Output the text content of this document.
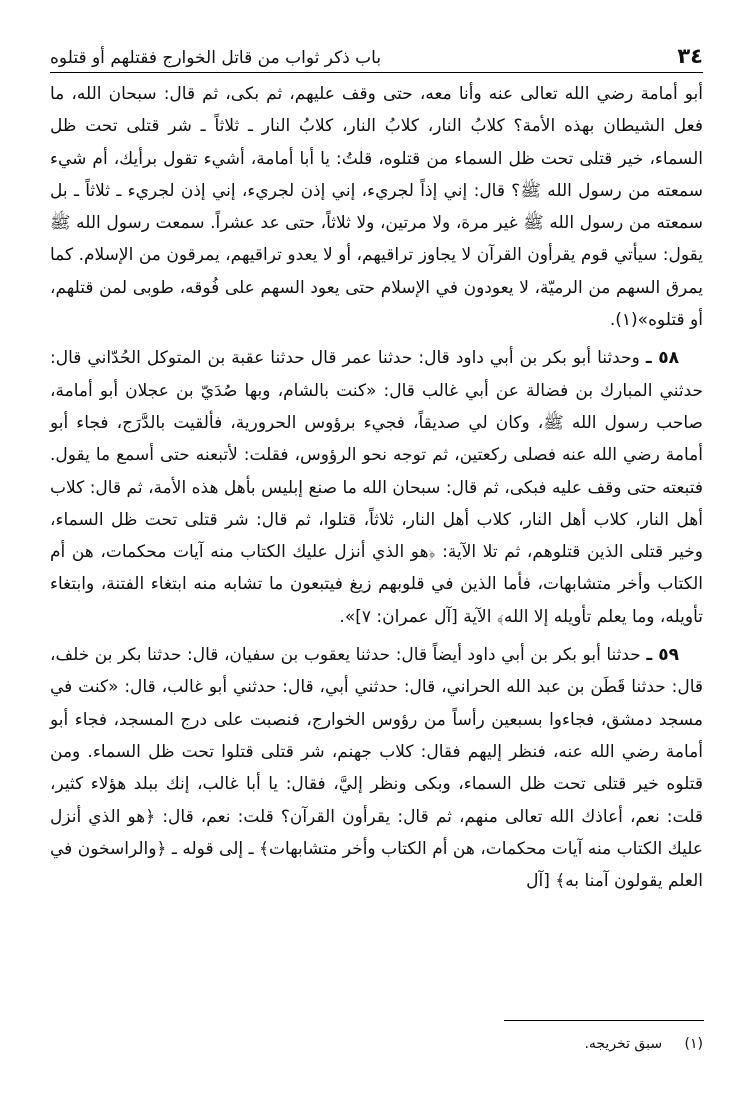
٣٤
باب ذكر ثواب من قاتل الخوارج فقتلهم أو قتلوه

أبو أمامة رضي الله تعالى عنه وأنا معه، حتى وقف عليهم، ثم بكى، ثم قال: سبحان الله، ما فعل الشيطان بهذه الأمة؟ كلابُ النار، كلابُ النار، كلابُ النار ـ ثلاثاً ـ شر قتلى تحت ظل السماء، خير قتلى تحت ظل السماء من قتلوه، قلتُ: يا أبا أمامة، أشيء تقول برأيك، أم شيء سمعته من رسول الله ﷺ؟ قال: إني إذاً لجريء، إني إذن لجريء، إني إذن لجريء ـ ثلاثاً ـ بل سمعته من رسول الله ﷺ غير مرة، ولا مرتين، ولا ثلاثاً، حتى عد عشراً. سمعت رسول الله ﷺ يقول: سيأتي قوم يقرأون القرآن لا يجاوز تراقيهم، أو لا يعدو تراقيهم، يمرقون من الإسلام. كما يمرق السهم من الرميّة، لا يعودون في الإسلام حتى يعود السهم على فُوقه، طوبى لمن قتلهم، أو قتلوه»(١).

٥٨ ـ وحدثنا أبو بكر بن أبي داود قال: حدثنا عمر قال حدثنا عقبة بن المتوكل الحُدّاني قال: حدثني المبارك بن فضالة عن أبي غالب قال: «كنت بالشام، وبها صُدَيّ بن عجلان أبو أمامة، صاحب رسول الله ﷺ، وكان لي صديقاً، فجيء برؤوس الحرورية، فألقيت بالدَّرَج، فجاء أبو أمامة رضي الله عنه فصلى ركعتين، ثم توجه نحو الرؤوس، فقلت: لأتبعنه حتى أسمع ما يقول. فتبعته حتى وقف عليه فبكى، ثم قال: سبحان الله ما صنع إبليس بأهل هذه الأمة، ثم قال: كلاب أهل النار، كلاب أهل النار، كلاب أهل النار، ثلاثاً، قتلوا، ثم قال: شر قتلى تحت ظل السماء، وخير قتلى الذين قتلوهم، ثم تلا الآية: ﴿هو الذي أنزل عليك الكتاب منه آيات محكمات، هن أم الكتاب وأخر متشابهات، فأما الذين في قلوبهم زيغ فيتبعون ما تشابه منه ابتغاء الفتنة، وابتغاء تأويله، وما يعلم تأويله إلا الله﴾ الآية [آل عمران: ٧]».

٥٩ ـ حدثنا أبو بكر بن أبي داود أيضاً قال: حدثنا يعقوب بن سفيان، قال: حدثنا بكر بن خلف، قال: حدثنا قَطَن بن عبد الله الحراني، قال: حدثني أبي، قال: حدثني أبو غالب، قال: «كنت في مسجد دمشق، فجاءوا بسبعين رأساً من رؤوس الخوارج، فنصبت على درج المسجد، فجاء أبو أمامة رضي الله عنه، فنظر إليهم فقال: كلاب جهنم، شر قتلى قتلوا تحت ظل السماء. ومن قتلوه خير قتلى تحت ظل السماء، وبكى ونظر إليَّ، فقال: يا أبا غالب، إنك ببلد هؤلاء كثير، قلت: نعم، أعاذك الله تعالى منهم، ثم قال: يقرأون القرآن؟ قلت: نعم، قال: ﴿هو الذي أنزل عليك الكتاب منه آيات محكمات، هن أم الكتاب وأخر متشابهات﴾ ـ إلى قوله ـ ﴿والراسخون في العلم يقولون آمنا به﴾ [آل

(١) سبق تخريجه.
